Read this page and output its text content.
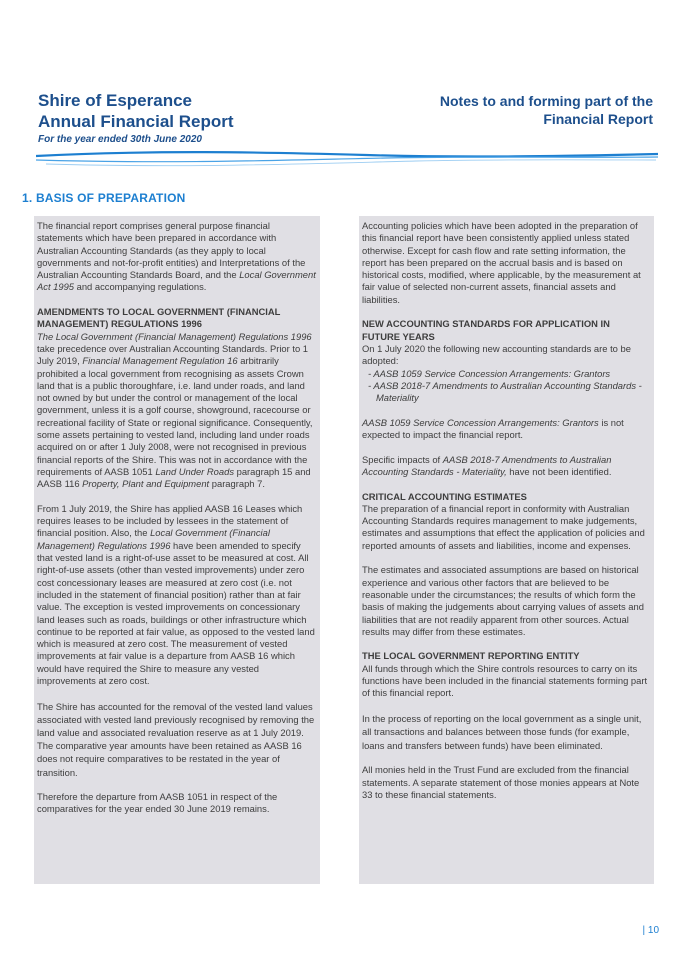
Shire of Esperance
Annual Financial Report
For the year ended 30th June 2020
Notes to and forming part of the
Financial Report
1. BASIS OF PREPARATION

The financial report comprises general purpose financial statements which have been prepared in accordance with Australian Accounting Standards (as they apply to local governments and not-for-profit entities) and Interpretations of the Australian Accounting Standards Board, and the Local Government Act 1995 and accompanying regulations.

AMENDMENTS TO LOCAL GOVERNMENT (FINANCIAL MANAGEMENT) REGULATIONS 1996

The Local Government (Financial Management) Regulations 1996 take precedence over Australian Accounting Standards. Prior to 1 July 2019, Financial Management Regulation 16 arbitrarily prohibited a local government from recognising as assets Crown land that is a public thoroughfare, i.e. land under roads, and land not owned by but under the control or management of the local government, unless it is a golf course, showground, racecourse or recreational facility of State or regional significance. Consequently, some assets pertaining to vested land, including land under roads acquired on or after 1 July 2008, were not recognised in previous financial reports of the Shire. This was not in accordance with the requirements of AASB 1051 Land Under Roads paragraph 15 and AASB 116 Property, Plant and Equipment paragraph 7.

From 1 July 2019, the Shire has applied AASB 16 Leases which requires leases to be included by lessees in the statement of financial position. Also, the Local Government (Financial Management) Regulations 1996 have been amended to specify that vested land is a right-of-use asset to be measured at cost. All right-of-use assets (other than vested improvements) under zero cost concessionary leases are measured at zero cost (i.e. not included in the statement of financial position) rather than at fair value. The exception is vested improvements on concessionary land leases such as roads, buildings or other infrastructure which continue to be reported at fair value, as opposed to the vested land which is measured at zero cost. The measurement of vested improvements at fair value is a departure from AASB 16 which would have required the Shire to measure any vested improvements at zero cost.

The Shire has accounted for the removal of the vested land values associated with vested land previously recognised by removing the land value and associated revaluation reserve as at 1 July 2019. The comparative year amounts have been retained as AASB 16 does not require comparatives to be restated in the year of transition.

Therefore the departure from AASB 1051 in respect of the comparatives for the year ended 30 June 2019 remains.

Accounting policies which have been adopted in the preparation of this financial report have been consistently applied unless stated otherwise. Except for cash flow and rate setting information, the report has been prepared on the accrual basis and is based on historical costs, modified, where applicable, by the measurement at fair value of selected non-current assets, financial assets and liabilities.

NEW ACCOUNTING STANDARDS FOR APPLICATION IN FUTURE YEARS
On 1 July 2020 the following new accounting standards are to be adopted:
- AASB 1059 Service Concession Arrangements: Grantors
- AASB 2018-7 Amendments to Australian Accounting Standards - Materiality

AASB 1059 Service Concession Arrangements: Grantors is not expected to impact the financial report.

Specific impacts of AASB 2018-7 Amendments to Australian Accounting Standards - Materiality, have not been identified.

CRITICAL ACCOUNTING ESTIMATES

The preparation of a financial report in conformity with Australian Accounting Standards requires management to make judgements, estimates and assumptions that effect the application of policies and reported amounts of assets and liabilities, income and expenses.

The estimates and associated assumptions are based on historical experience and various other factors that are believed to be reasonable under the circumstances; the results of which form the basis of making the judgements about carrying values of assets and liabilities that are not readily apparent from other sources. Actual results may differ from these estimates.

THE LOCAL GOVERNMENT REPORTING ENTITY

All funds through which the Shire controls resources to carry on its functions have been included in the financial statements forming part of this financial report.

In the process of reporting on the local government as a single unit, all transactions and balances between those funds (for example, loans and transfers between funds) have been eliminated.

All monies held in the Trust Fund are excluded from the financial statements. A separate statement of those monies appears at Note 33 to these financial statements.

| 10
